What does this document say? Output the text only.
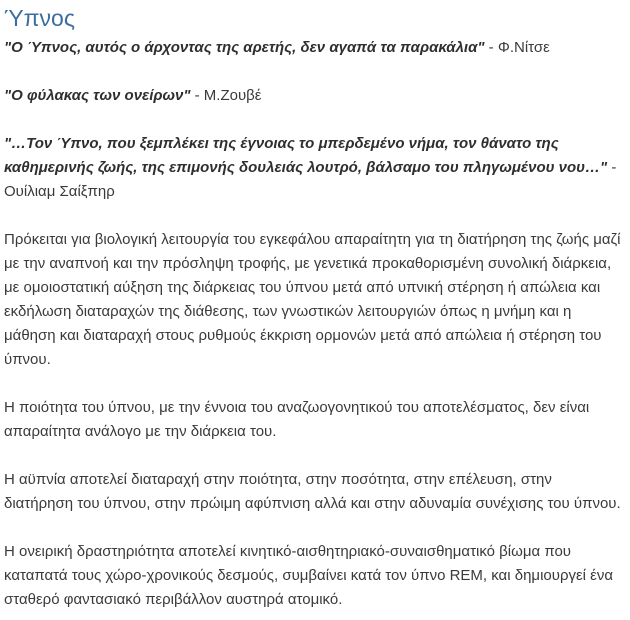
Ύπνος

"Ο Ύπνος, αυτός ο άρχοντας της αρετής, δεν αγαπά τα παρακάλια" - Φ.Νίτσε

"Ο φύλακας των ονείρων" - Μ.Ζουβέ

"…Τον Ύπνο, που ξεμπλέκει της έγνοιας το μπερδεμένο νήμα, τον θάνατο της καθημερινής ζωής, της επιμονής δουλειάς λουτρό, βάλσαμο του πληγωμένου νου…" - Ουίλιαμ Σαίξπηρ

Πρόκειται για βιολογική λειτουργία του εγκεφάλου απαραίτητη για τη διατήρηση της ζωής μαζί με την αναπνοή και την πρόσληψη τροφής, με γενετικά προκαθορισμένη συνολική διάρκεια, με ομοιοστατική αύξηση της διάρκειας του ύπνου μετά από υπνική στέρηση ή απώλεια και εκδήλωση διαταραχών της διάθεσης, των γνωστικών λειτουργιών όπως η μνήμη και η μάθηση και διαταραχή στους ρυθμούς έκκριση ορμονών μετά από απώλεια ή στέρηση του ύπνου.

Η ποιότητα του ύπνου, με την έννοια του αναζωογονητικού του αποτελέσματος, δεν είναι απαραίτητα ανάλογο με την διάρκεια του.

Η αϋπνία αποτελεί διαταραχή στην ποιότητα, στην ποσότητα, στην επέλευση, στην διατήρηση του ύπνου, στην πρώιμη αφύπνιση αλλά και στην αδυναμία συνέχισης του ύπνου.

Η ονειρική δραστηριότητα αποτελεί κινητικό-αισθητηριακό-συναισθηματικό βίωμα που καταπατά τους χώρο-χρονικούς δεσμούς, συμβαίνει κατά τον ύπνο REM, και δημιουργεί ένα σταθερό φαντασιακό περιβάλλον αυστηρά ατομικό.
